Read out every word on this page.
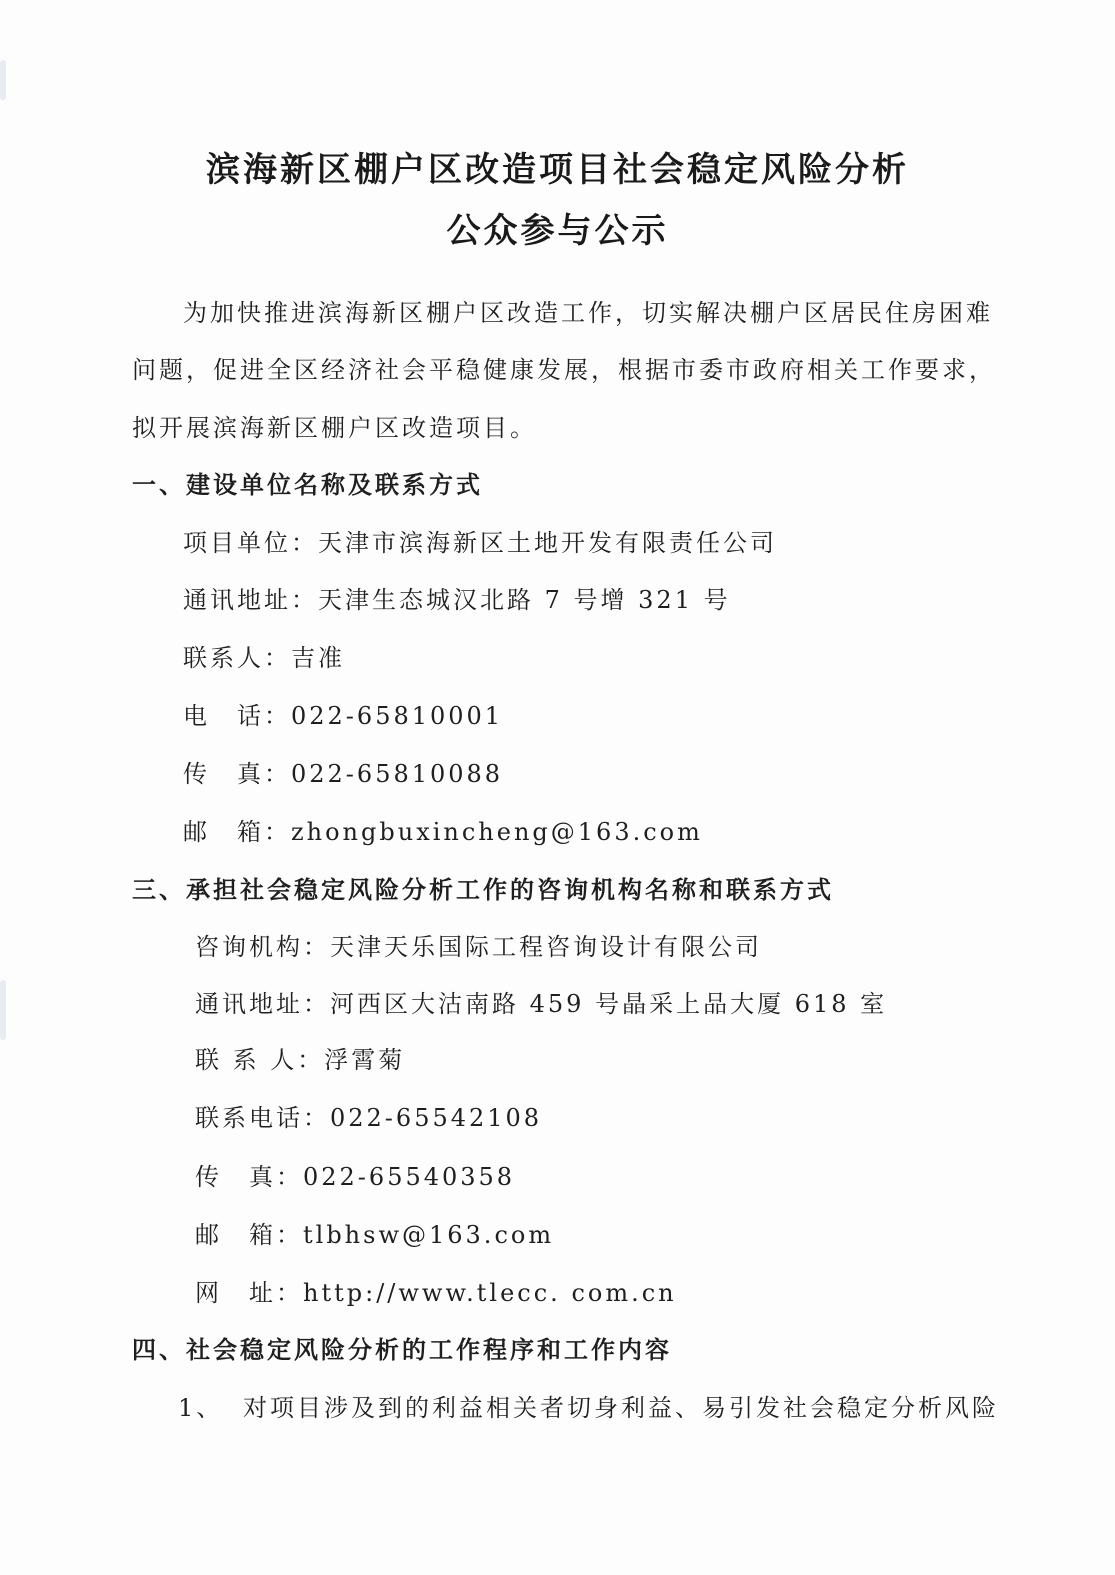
滨海新区棚户区改造项目社会稳定风险分析
公众参与公示
为加快推进滨海新区棚户区改造工作，切实解决棚户区居民住房困难
问题，促进全区经济社会平稳健康发展，根据市委市政府相关工作要求，
拟开展滨海新区棚户区改造项目。
一、建设单位名称及联系方式
项目单位：天津市滨海新区土地开发有限责任公司
通讯地址：天津生态城汉北路 7 号增 321 号
联系人：吉准
电　话：022-65810001
传　真：022-65810088
邮　箱：zhongbuxincheng@163.com
三、承担社会稳定风险分析工作的咨询机构名称和联系方式
咨询机构：天津天乐国际工程咨询设计有限公司
通讯地址：河西区大沽南路 459 号晶采上品大厦 618 室
联 系 人：浮霄菊
联系电话：022-65542108
传　真：022-65540358
邮　箱：tlbhsw@163.com
网　址：http://www.tlecc. com.cn
四、社会稳定风险分析的工作程序和工作内容
1、 对项目涉及到的利益相关者切身利益、易引发社会稳定分析风险
